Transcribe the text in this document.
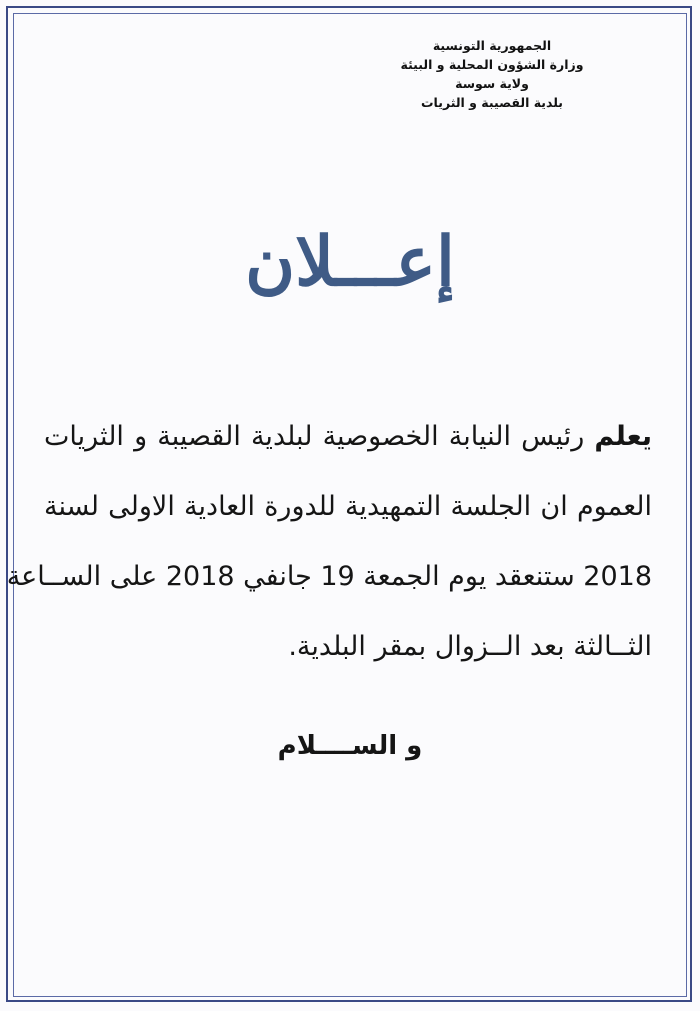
الجمهورية التونسية
وزارة الشؤون المحلية و البيئة
ولاية سوسة
بلدية القصيبة و الثريات
إعـــلان
يعلم رئيس النيابة الخصوصية لبلدية القصيبة و الثريات
العموم ان الجلسة التمهيدية للدورة العادية الاولى لسنة
2018 ستنعقد يوم الجمعة 19 جانفي 2018 على الســاعة
الثــالثة بعد الــزوال بمقر البلدية.
و الســــلام
